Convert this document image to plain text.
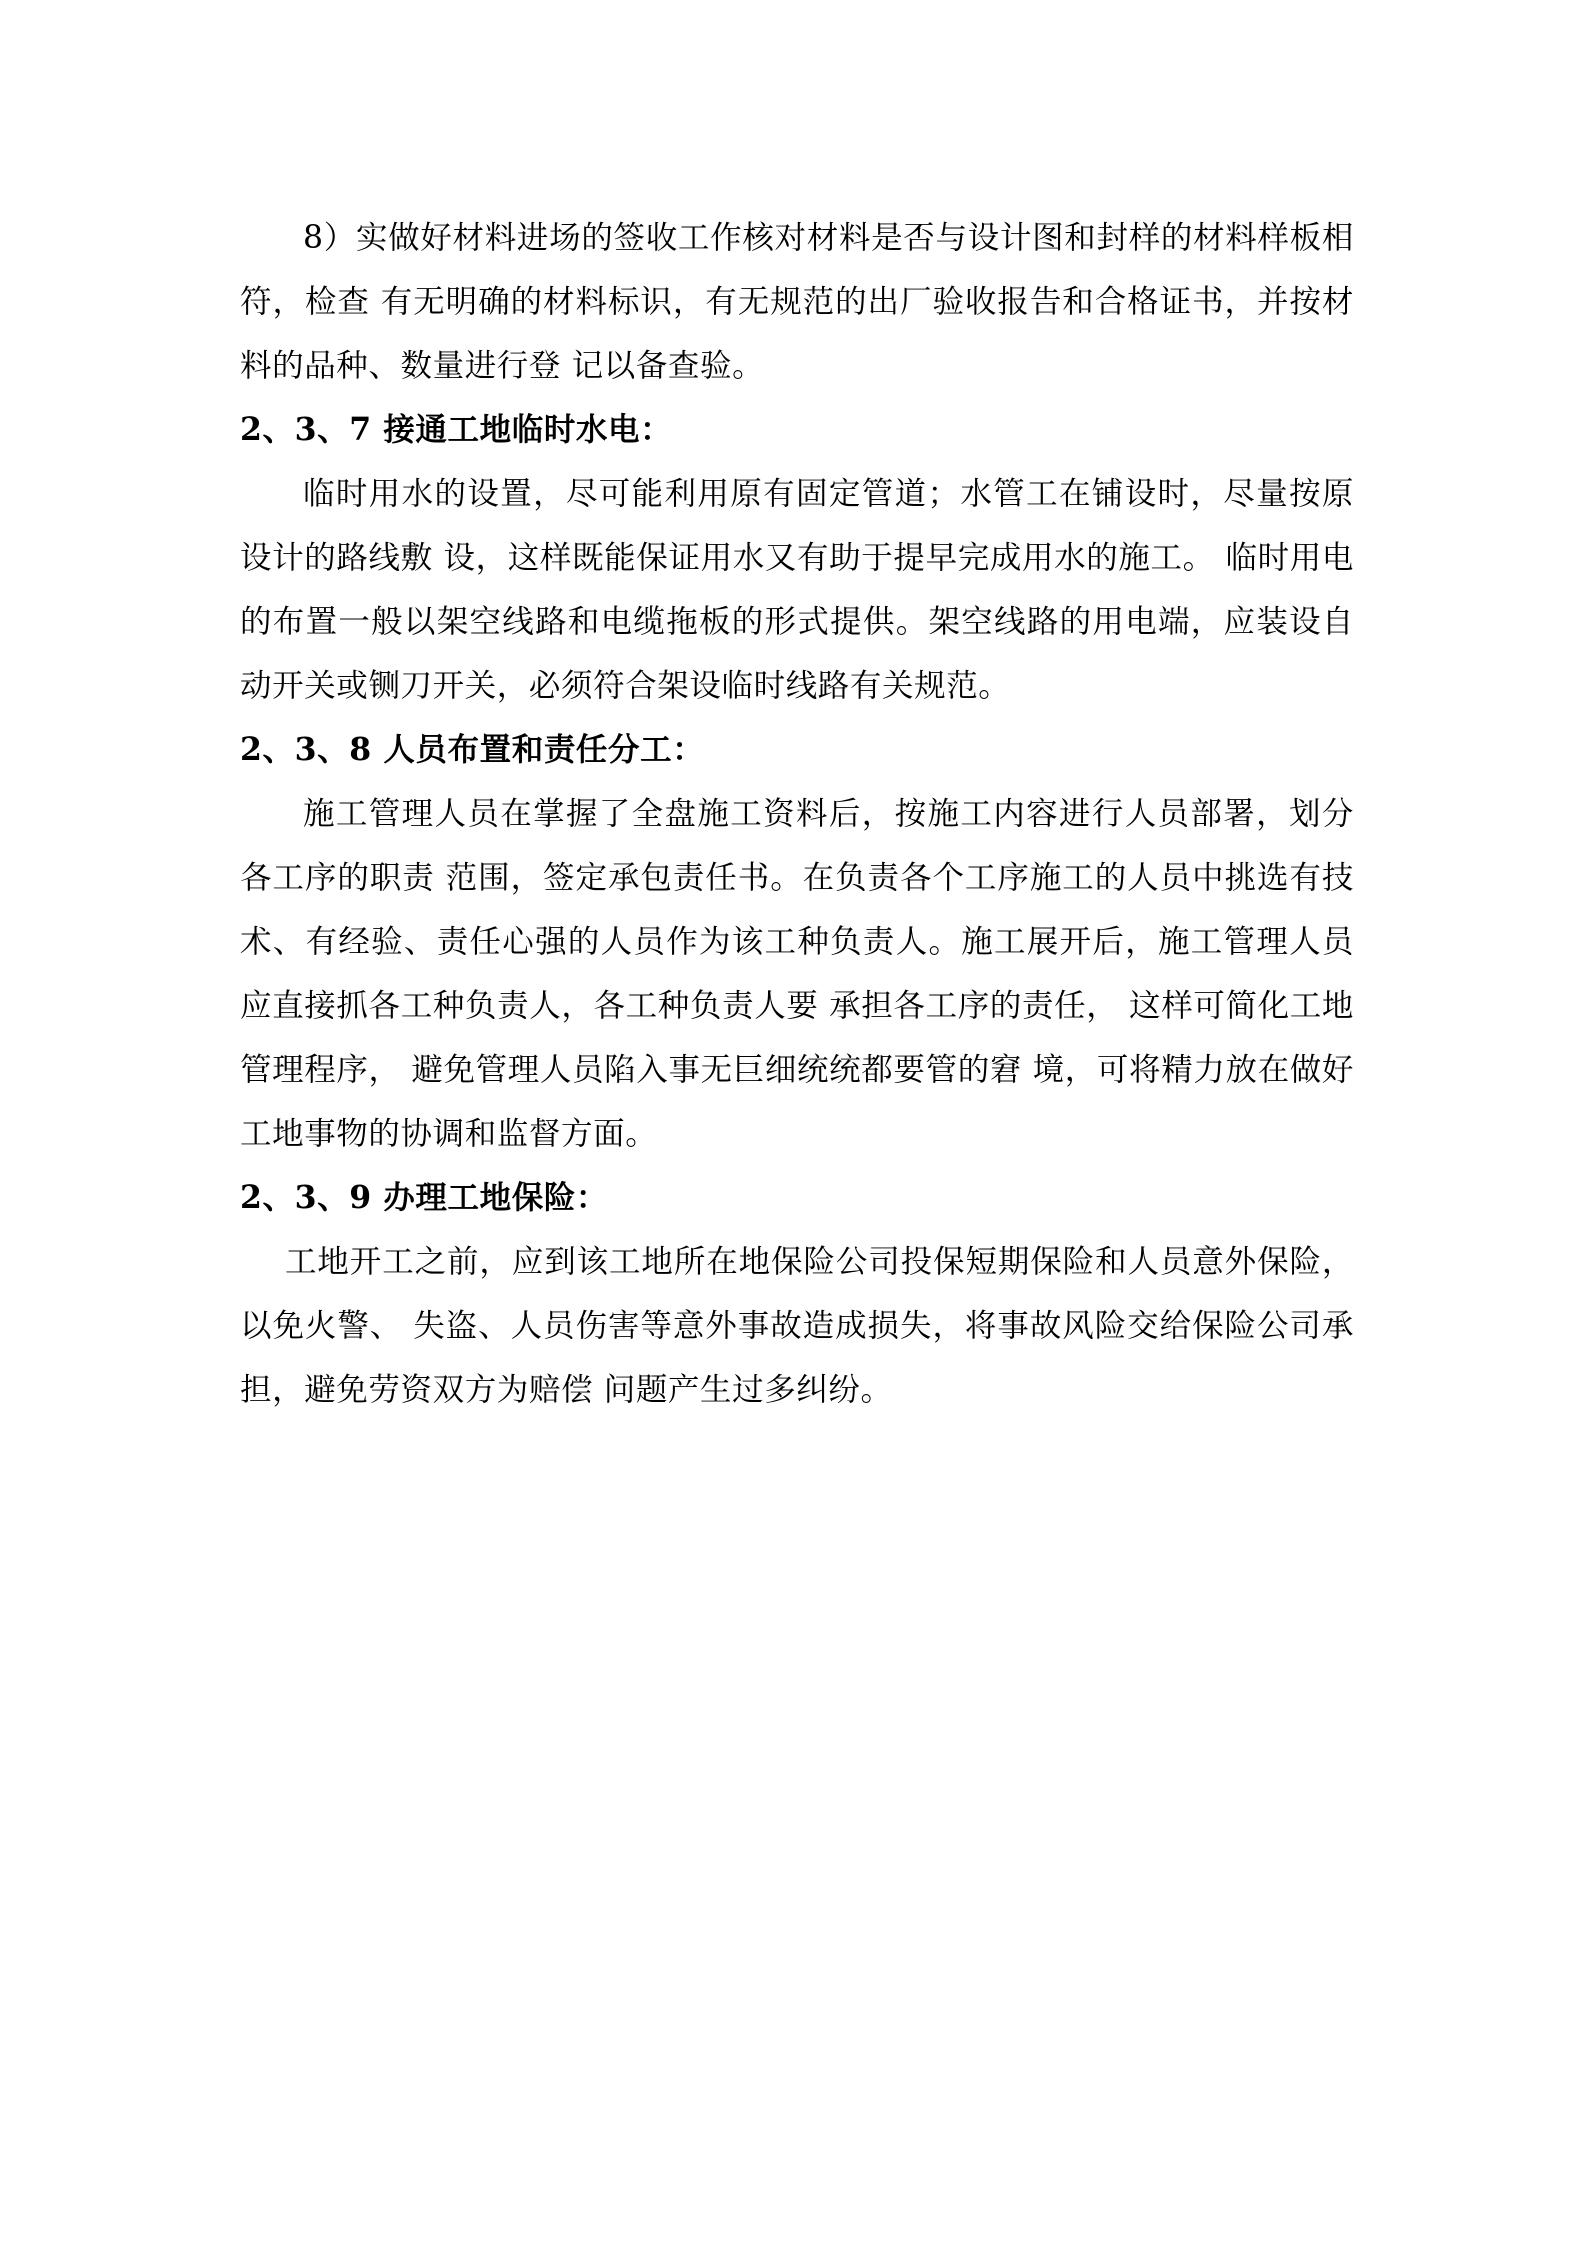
8）实做好材料进场的签收工作核对材料是否与设计图和封样的材料样板相符，检查 有无明确的材料标识，有无规范的出厂验收报告和合格证书，并按材料的品种、数量进行登 记以备查验。

2、3、7 接通工地临时水电：

临时用水的设置，尽可能利用原有固定管道；水管工在铺设时，尽量按原设计的路线敷 设，这样既能保证用水又有助于提早完成用水的施工。 临时用电的布置一般以架空线路和电缆拖板的形式提供。架空线路的用电端，应装设自 动开关或铡刀开关，必须符合架设临时线路有关规范。

2、3、8 人员布置和责任分工：

施工管理人员在掌握了全盘施工资料后，按施工内容进行人员部署，划分各工序的职责 范围，签定承包责任书。在负责各个工序施工的人员中挑选有技术、有经验、责任心强的人员作为该工种负责人。施工展开后，施工管理人员应直接抓各工种负责人，各工种负责人要 承担各工序的责任， 这样可简化工地管理程序， 避免管理人员陷入事无巨细统统都要管的窘 境，可将精力放在做好工地事物的协调和监督方面。

2、3、9 办理工地保险：

工地开工之前，应到该工地所在地保险公司投保短期保险和人员意外保险，以免火警、 失盗、人员伤害等意外事故造成损失，将事故风险交给保险公司承担，避免劳资双方为赔偿 问题产生过多纠纷。
